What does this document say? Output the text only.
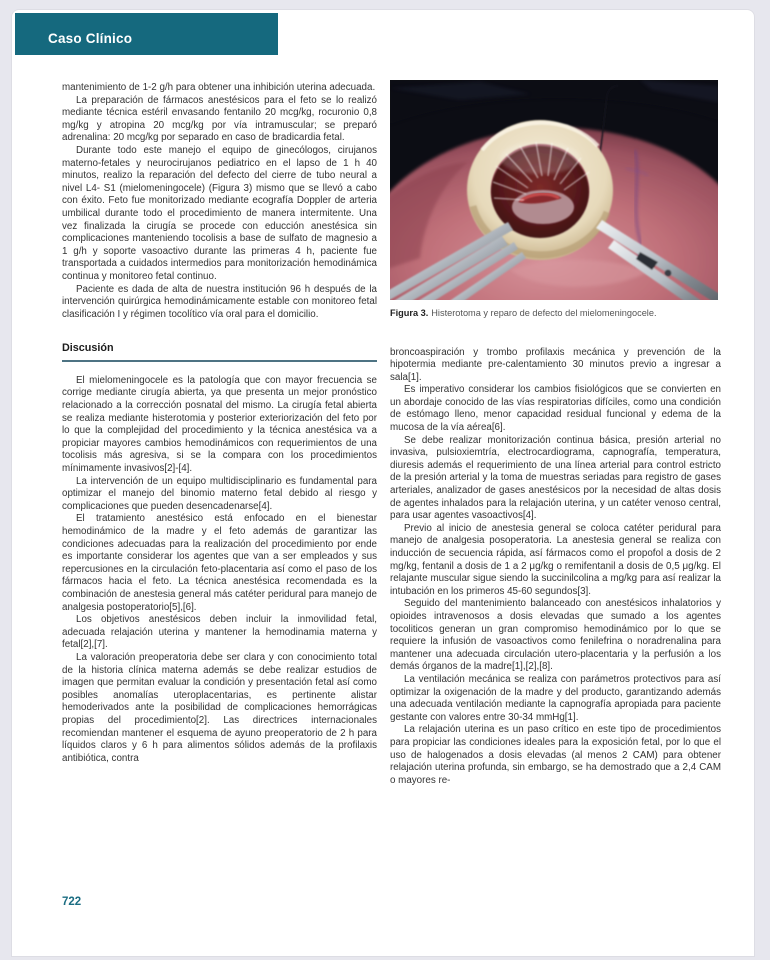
Caso Clínico

mantenimiento de 1-2 g/h para obtener una inhibición uterina adecuada.

La preparación de fármacos anestésicos para el feto se lo realizó mediante técnica estéril envasando fentanilo 20 mcg/kg, rocuronio 0,8 mg/kg y atropina 20 mcg/kg por vía intramuscular; se preparó adrenalina: 20 mcg/kg por separado en caso de bradicardia fetal.

Durante todo este manejo el equipo de ginecólogos, cirujanos materno-fetales y neurocirujanos pediatrico en el lapso de 1 h 40 minutos, realizo la reparación del defecto del cierre de tubo neural a nivel L4- S1 (mielomeningocele) (Figura 3) mismo que se llevó a cabo con éxito. Feto fue monitorizado mediante ecografía Doppler de arteria umbilical durante todo el procedimiento de manera intermitente. Una vez finalizada la cirugía se procede con educción anestésica sin complicaciones manteniendo tocolisis a base de sulfato de magnesio a 1 g/h y soporte vasoactivo durante las primeras 4 h, paciente fue transportada a cuidados intermedios para monitorización hemodinámica continua y monitoreo fetal continuo.

Paciente es dada de alta de nuestra institución 96 h después de la intervención quirúrgica hemodinámicamente estable con monitoreo fetal clasificación I y régimen tocolítico vía oral para el domicilio.

Discusión

El mielomeningocele es la patología que con mayor frecuencia se corrige mediante cirugía abierta, ya que presenta un mejor pronóstico relacionado a la corrección posnatal del mismo. La cirugía fetal abierta se realiza mediante histerotomia y posterior exteriorización del feto por lo que la complejidad del procedimiento y la técnica anestésica va a propiciar mayores cambios hemodinámicos con requerimientos de una tocolisis más agresiva, si se la compara con los procedimientos mínimamente invasivos[2]-[4].

La intervención de un equipo multidisciplinario es fundamental para optimizar el manejo del binomio materno fetal debido al riesgo y complicaciones que pueden desencadenarse[4].

El tratamiento anestésico está enfocado en el bienestar hemodinámico de la madre y el feto además de garantizar las condiciones adecuadas para la realización del procedimiento por ende es importante considerar los agentes que van a ser empleados y sus repercusiones en la circulación feto-placentaria así como el paso de los fármacos hacia el feto. La técnica anestésica recomendada es la combinación de anestesia general más catéter peridural para manejo de analgesia postoperatorio[5],[6].

Los objetivos anestésicos deben incluir la inmovilidad fetal, adecuada relajación uterina y mantener la hemodinamia materna y fetal[2],[7].

La valoración preoperatoria debe ser clara y con conocimiento total de la historia clínica materna además se debe realizar estudios de imagen que permitan evaluar la condición y presentación fetal así como posibles anomalías uteroplacentarias, es pertinente alistar hemoderivados ante la posibilidad de complicaciones hemorrágicas propias del procedimiento[2]. Las directrices internacionales recomiendan mantener el esquema de ayuno preoperatorio de 2 h para líquidos claros y 6 h para alimentos sólidos además de la profilaxis antibiótica, contra

Figura 3. Histerotoma y reparo de defecto del mielomeningocele.

broncoaspiración y trombo profilaxis mecánica y prevención de la hipotermia mediante pre-calentamiento 30 minutos previo a ingresar a sala[1].

Es imperativo considerar los cambios fisiológicos que se convierten en un abordaje conocido de las vías respiratorias difíciles, como una condición de estómago lleno, menor capacidad residual funcional y edema de la mucosa de la vía aérea[6].

Se debe realizar monitorización continua básica, presión arterial no invasiva, pulsioxiemtría, electrocardiograma, capnografía, temperatura, diuresis además el requerimiento de una línea arterial para control estricto de la presión arterial y la toma de muestras seriadas para registro de gases arteriales, analizador de gases anestésicos por la necesidad de altas dosis de agentes inhalados para la relajación uterina, y un catéter venoso central, para usar agentes vasoactivos[4].

Previo al inicio de anestesia general se coloca catéter peridural para manejo de analgesia posoperatoria. La anestesia general se realiza con inducción de secuencia rápida, así fármacos como el propofol a dosis de 2 mg/kg, fentanil a dosis de 1 a 2 μg/kg o remifentanil a dosis de 0,5 μg/kg. El relajante muscular sigue siendo la succinilcolina a mg/kg para así realizar la intubación en los primeros 45-60 segundos[3].

Seguido del mantenimiento balanceado con anestésicos inhalatorios y opioides intravenosos a dosis elevadas que sumado a los agentes tocoliticos generan un gran compromiso hemodinámico por lo que se requiere la infusión de vasoactivos como fenilefrina o noradrenalina para mantener una adecuada circulación utero-placentaria y la perfusión a los demás órganos de la madre[1],[2],[8].

La ventilación mecánica se realiza con parámetros protectivos para así optimizar la oxigenación de la madre y del producto, garantizando además una adecuada ventilación mediante la capnografía apropiada para paciente gestante con valores entre 30-34 mmHg[1].

La relajación uterina es un paso crítico en este tipo de procedimientos para propiciar las condiciones ideales para la exposición fetal, por lo que el uso de halogenados a dosis elevadas (al menos 2 CAM) para obtener relajación uterina profunda, sin embargo, se ha demostrado que a 2,4 CAM o mayores re-

722
